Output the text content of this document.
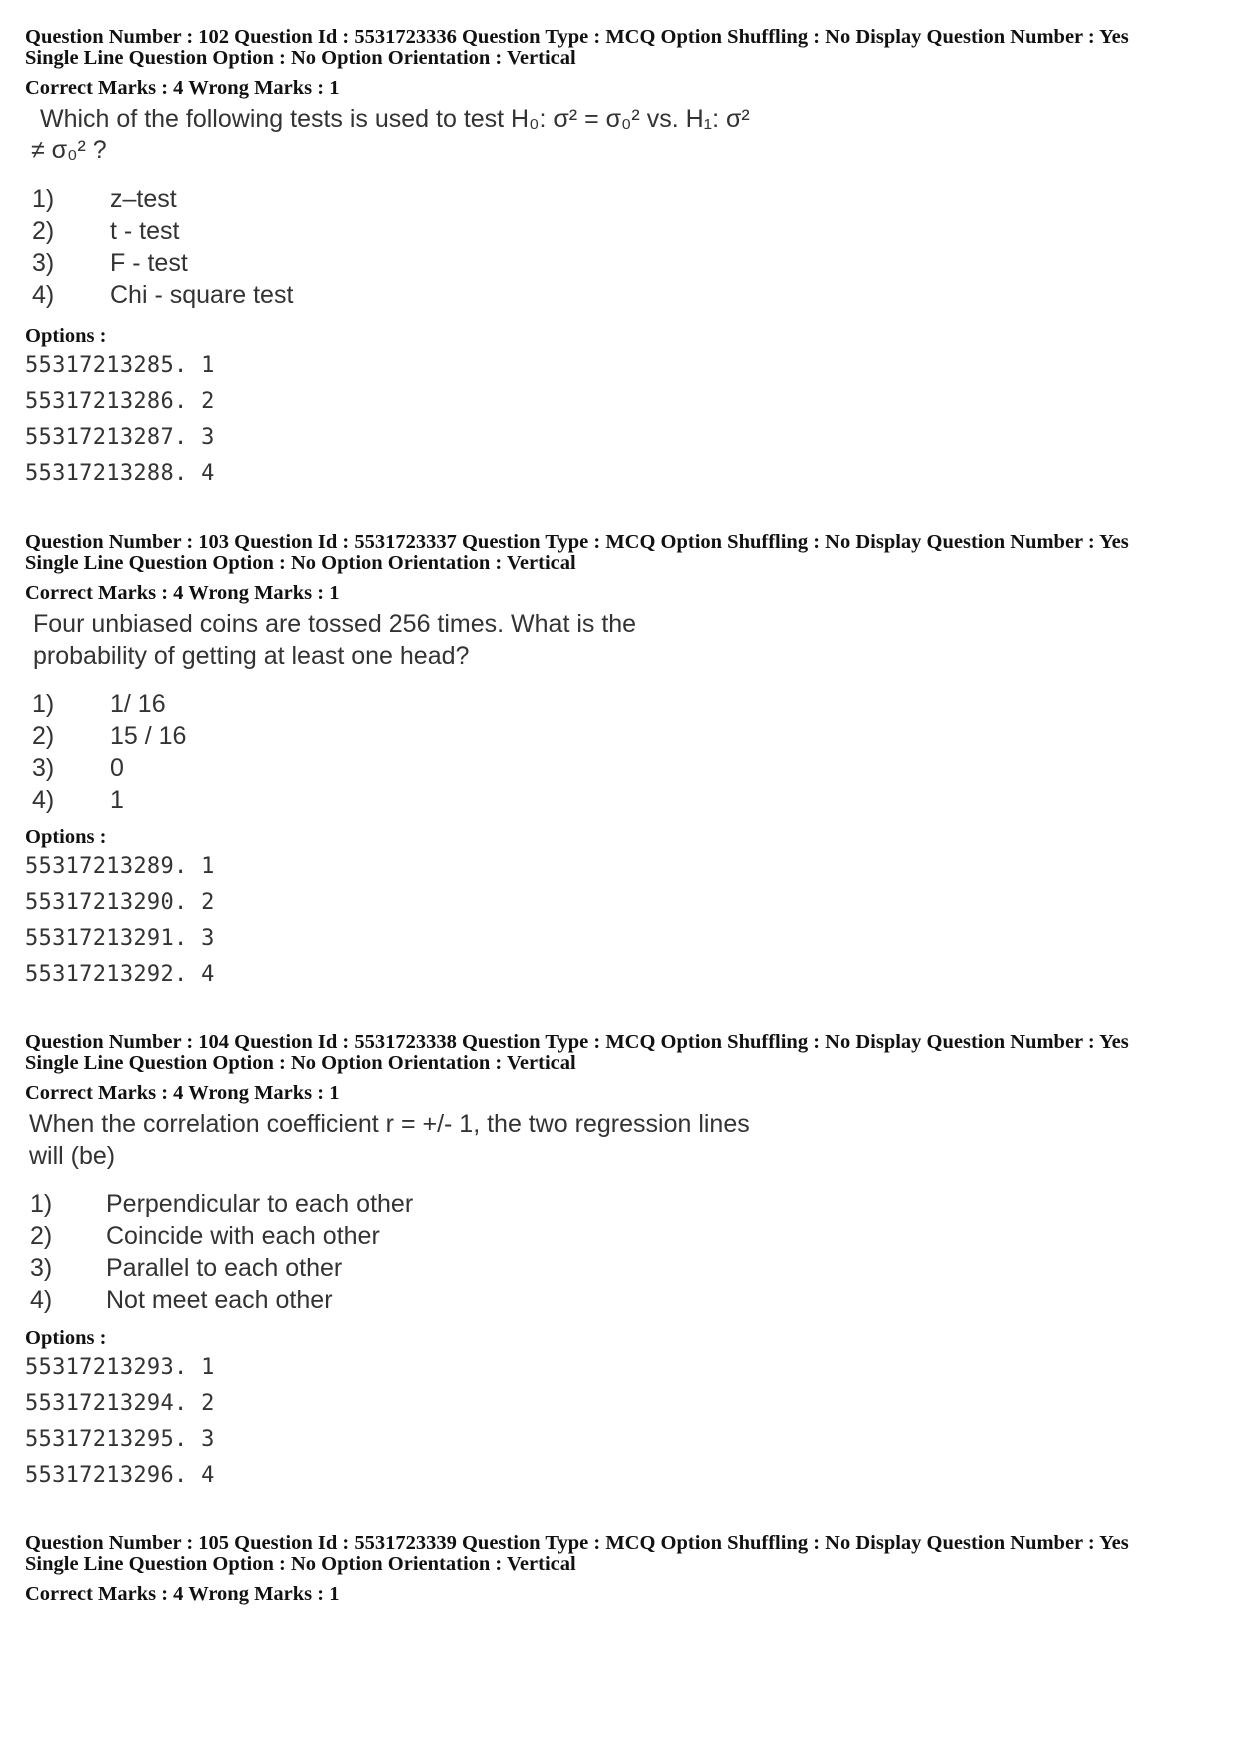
Question Number : 102 Question Id : 5531723336 Question Type : MCQ Option Shuffling : No Display Question Number : Yes
Single Line Question Option : No Option Orientation : Vertical
Correct Marks : 4 Wrong Marks : 1
Which of the following tests is used to test H₀: σ² = σ₀² vs. H₁: σ²
≠ σ₀² ?
1) z–test
2) t - test
3) F - test
4) Chi - square test
Options :
55317213285. 1
55317213286. 2
55317213287. 3
55317213288. 4
Question Number : 103 Question Id : 5531723337 Question Type : MCQ Option Shuffling : No Display Question Number : Yes
Single Line Question Option : No Option Orientation : Vertical
Correct Marks : 4 Wrong Marks : 1
Four unbiased coins are tossed 256 times. What is the
probability of getting at least one head?
1) 1/ 16
2) 15 / 16
3) 0
4) 1
Options :
55317213289. 1
55317213290. 2
55317213291. 3
55317213292. 4
Question Number : 104 Question Id : 5531723338 Question Type : MCQ Option Shuffling : No Display Question Number : Yes
Single Line Question Option : No Option Orientation : Vertical
Correct Marks : 4 Wrong Marks : 1
When the correlation coefficient r = +/- 1, the two regression lines
will (be)
1) Perpendicular to each other
2) Coincide with each other
3) Parallel to each other
4) Not meet each other
Options :
55317213293. 1
55317213294. 2
55317213295. 3
55317213296. 4
Question Number : 105 Question Id : 5531723339 Question Type : MCQ Option Shuffling : No Display Question Number : Yes
Single Line Question Option : No Option Orientation : Vertical
Correct Marks : 4 Wrong Marks : 1
